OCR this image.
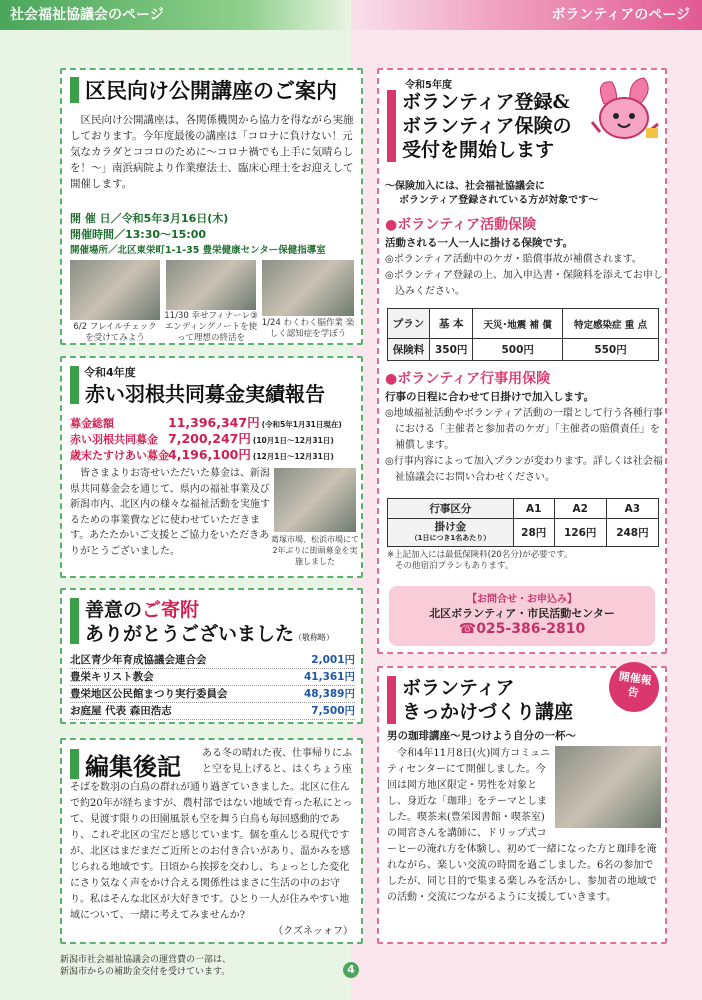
社会福祉協議会のページ	ボランティアのページ
区民向け公開講座のご案内
区民向け公開講座は、各関係機関から協力を得ながら実施しております。今年度最後の講座は「コロナに負けない！元気なカラダとココロのために～コロナ禍でも上手に気晴らしを！～」南浜病院より作業療法士、臨床心理士をお迎えして開催します。
開 催 日／令和5年3月16日(木)
開催時間／13:30～15:00
開催場所／北区東栄町1-1-35 豊栄健康センター保健指導室
6/2 フレイルチェックを受けてみよう
11/30 幸せフィナーレ③ エンディングノートを使って理想の終活を
1/24 わくわく脳作業 楽しく認知症を学ぼう
令和4年度
赤い羽根共同募金実績報告
募金総額	11,396,347円 (令和5年1月31日現在)
赤い羽根共同募金 7,200,247円 (10月1日～12月31日)
歳末たすけあい募金 4,196,100円 (12月1日～12月31日)
皆さまよりお寄せいただいた募金は、新潟県共同募金会を通じて、県内の福祉事業及び新潟市内、北区内の様々な福祉活動を実施するための事業費などに使わせていただきます。あたたかいご支援とご協力をいただきありがとうございました。
葛塚市場、松浜市場にて2年ぶりに街頭募金を実施しました
善意のご寄附
ありがとうございました（敬称略）
北区青少年育成協議会連合会	2,001円
豊栄キリスト教会	41,361円
豊栄地区公民館まつり実行委員会	48,389円
お庭屋 代表 森田浩志	7,500円
編集後記 ある冬の晴れた夜、仕事帰りにふと空を見上げると、はくちょう座
そばを数羽の白鳥の群れが通り過ぎていきました。北区に住んで約20年が経ちますが、農村部ではない地域で育った私にとって、見渡す限りの田園風景も空を舞う白鳥も毎回感動的であり、これぞ北区の宝だと感じています。個を重んじる現代ですが、北区はまだまだご近所とのお付き合いがあり、温かみを感じられる地域です。日頃から挨拶を交わし、ちょっとした変化にさり気なく声をかけ合える関係性はまさに生活の中のお守り。私はそんな北区が大好きです。ひとり一人が住みやすい地域について、一緒に考えてみませんか?
（クズネッォフ）
新潟市社会福祉協議会の運営費の一部は、
新潟市からの補助金交付を受けています。	4
令和5年度
ボランティア登録&
ボランティア保険の
受付を開始します
～保険加入には、社会福祉協議会に
ボランティア登録されている方が対象です～
●ボランティア活動保険
活動される一人一人に掛ける保険です。
◎ボランティア活動中のケガ・賠償事故が補償されます。
◎ボランティア登録の上、加入申込書・保険料を添えてお申し込みください。
プラン	基 本	天災･地震 補 償	特定感染症 重 点
保険料	350円	500円	550円
●ボランティア行事用保険
行事の日程に合わせて日掛けで加入します。
◎地域福祉活動やボランティア活動の一環として行う各種行事における「主催者と参加者のケガ」「主催者の賠償責任」を補償します。
◎行事内容によって加入プランが変わります。詳しくは社会福祉協議会にお問い合わせください。
行事区分	A1	A2	A3

掛け金
（1日につき1名あたり）	28円	126円	248円
※上記加入には最低保険料(20名分)が必要です。
その他宿泊プランもあります。
【お問合せ・お申込み】
北区ボランティア・市民活動センター
☎025-386-2810
ボランティア
きっかけづくり講座
開催報告
男の珈琲講座～見つけよう自分の一杯～
令和4年11月8日(火)岡方コミュニティセンターにて開催しました。今回は岡方地区限定・男性を対象とし、身近な「珈琲」をテーマとしました。喫茶来(豊栄図書館・喫茶室)の岡宮さんを講師に、ドリップ式コーヒーの淹れ方を体験し、初めて一緒になった方と珈琲を淹れながら、楽しい交流の時間を過ごしました。6名の参加でしたが、同じ目的で集まる楽しみを活かし、参加者の地域での活動・交流につながるように支援していきます。
